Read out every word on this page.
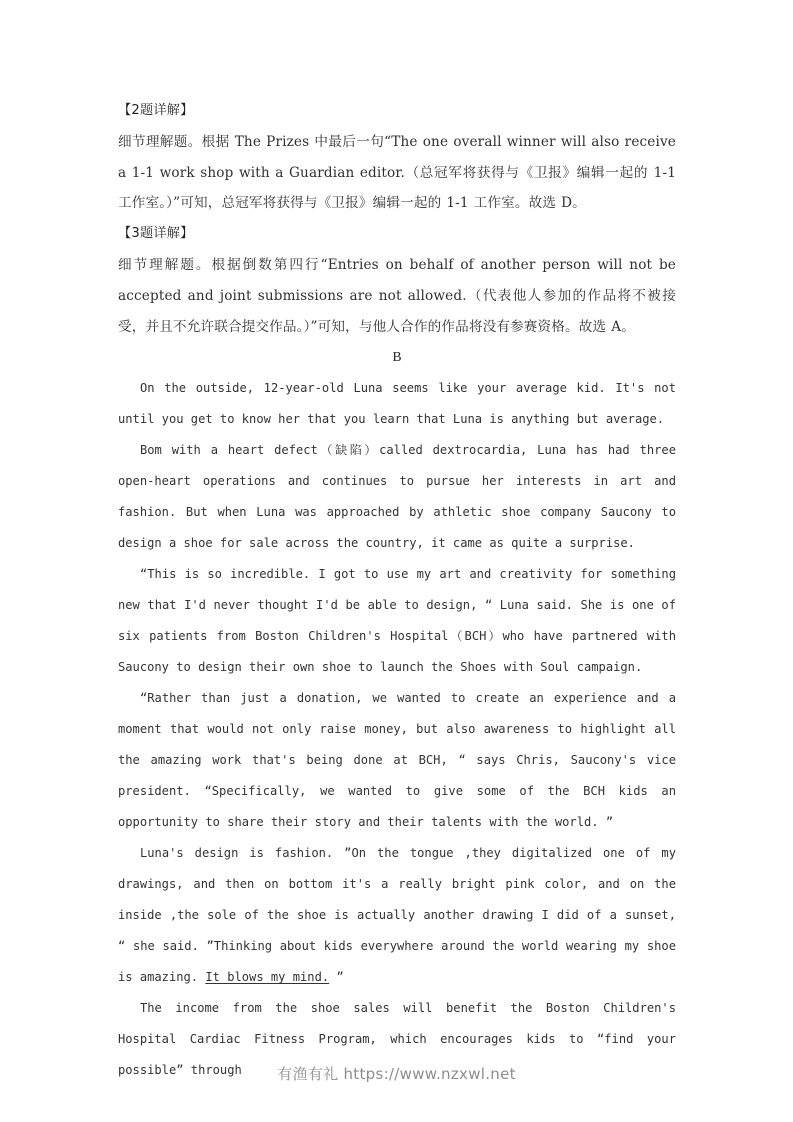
【2题详解】

细节理解题。根据 The Prizes 中最后一句“The one overall winner will also receive a 1-1 work shop with a Guardian editor.（总冠军将获得与《卫报》编辑一起的 1-1 工作室。）”可知，总冠军将获得与《卫报》编辑一起的 1-1 工作室。故选 D。

【3题详解】

细节理解题。根据倒数第四行“Entries on behalf of another person will not be accepted and joint submissions are not allowed.（代表他人参加的作品将不被接受，并且不允许联合提交作品。）”可知，与他人合作的作品将没有参赛资格。故选 A。

B

On the outside, 12-year-old Luna seems like your average kid. It's not until you get to know her that you learn that Luna is anything but average.

Bom with a heart defect（缺陷）called dextrocardia, Luna has had three open-heart operations and continues to pursue her interests in art and fashion. But when Luna was approached by athletic shoe company Saucony to design a shoe for sale across the country, it came as quite a surprise.

“This is so incredible. I got to use my art and creativity for something new that I'd never thought I'd be able to design, “ Luna said. She is one of six patients from Boston Children's Hospital（BCH）who have partnered with Saucony to design their own shoe to launch the Shoes with Soul campaign.

“Rather than just a donation, we wanted to create an experience and a moment that would not only raise money, but also awareness to highlight all the amazing work that's being done at BCH, “ says Chris, Saucony's vice president. “Specifically, we wanted to give some of the BCH kids an opportunity to share their story and their talents with the world. ”

Luna's design is fashion. ”On the tongue ,they digitalized one of my drawings, and then on bottom it's a really bright pink color, and on the inside ,the sole of the shoe is actually another drawing I did of a sunset, “ she said. ”Thinking about kids everywhere around the world wearing my shoe is amazing. It blows my mind. ”

The income from the shoe sales will benefit the Boston Children's Hospital Cardiac Fitness Program, which encourages kids to “find your possible” through	有渔有礼 https://www.nzxwl.net
